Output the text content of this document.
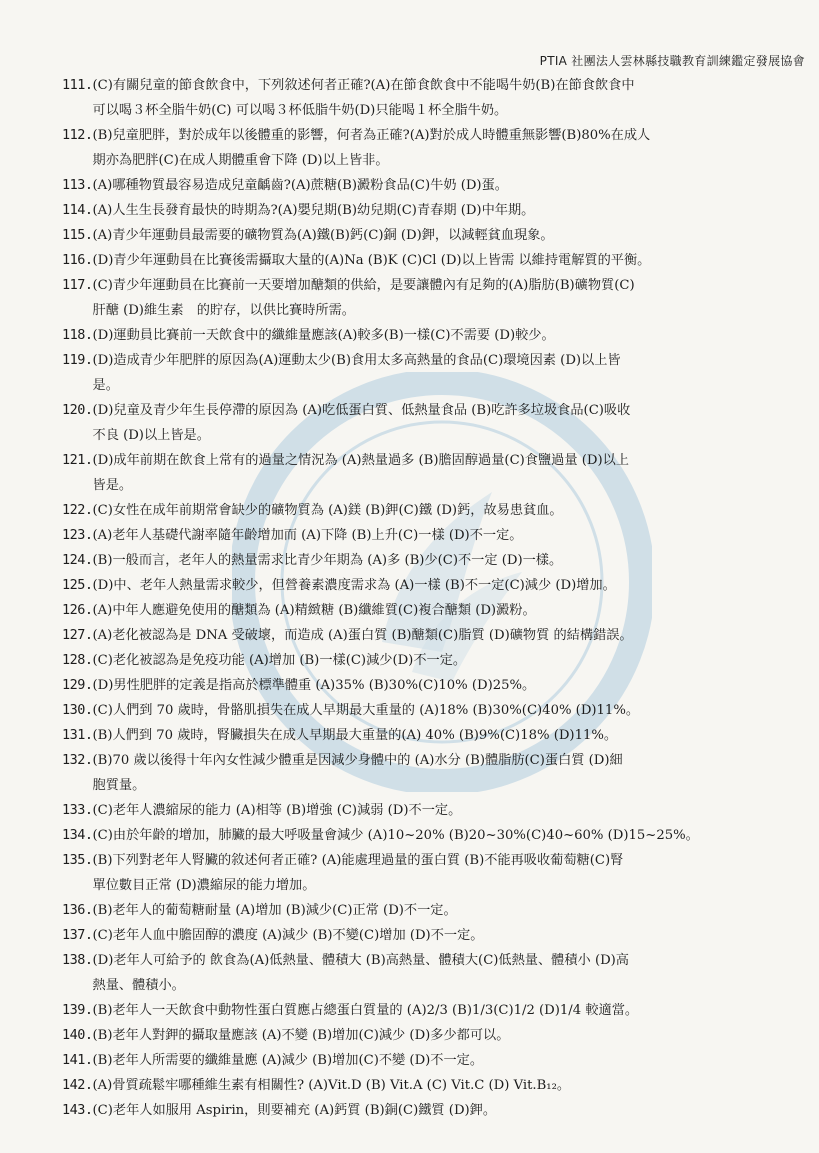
PTIA 社團法人雲林縣技職教育訓練鑑定發展協會
111. (C)有關兒童的節食飲食中，下列敘述何者正確?(A)在節食飲食中不能喝牛奶(B)在節食飲食中
可以喝３杯全脂牛奶(C) 可以喝３杯低脂牛奶(D)只能喝１杯全脂牛奶。
112. (B)兒童肥胖，對於成年以後體重的影響，何者為正確?(A)對於成人時體重無影響(B)80%在成人
期亦為肥胖(C)在成人期體重會下降 (D)以上皆非。
113. (A)哪種物質最容易造成兒童齲齒?(A)蔗糖(B)澱粉食品(C)牛奶 (D)蛋。
114. (A)人生生長發育最快的時期為?(A)嬰兒期(B)幼兒期(C)青春期 (D)中年期。
115. (A)青少年運動員最需要的礦物質為(A)鐵(B)鈣(C)銅 (D)鉀，以減輕貧血現象。
116. (D)青少年運動員在比賽後需攝取大量的(A)Na (B)K (C)Cl (D)以上皆需 以維持電解質的平衡。
117. (C)青少年運動員在比賽前一天要增加醣類的供給，是要讓體內有足夠的(A)脂肪(B)礦物質(C)
肝醣 (D)維生素　的貯存，以供比賽時所需。
118. (D)運動員比賽前一天飲食中的纖維量應該(A)較多(B)一樣(C)不需要 (D)較少。
119. (D)造成青少年肥胖的原因為(A)運動太少(B)食用太多高熱量的食品(C)環境因素 (D)以上皆
是。
120. (D)兒童及青少年生長停滯的原因為 (A)吃低蛋白質、低熱量食品 (B)吃許多垃圾食品(C)吸收
不良 (D)以上皆是。
121. (D)成年前期在飲食上常有的過量之情況為 (A)熱量過多 (B)膽固醇過量(C)食鹽過量 (D)以上
皆是。
122. (C)女性在成年前期常會缺少的礦物質為 (A)鎂 (B)鉀(C)鐵 (D)鈣，故易患貧血。
123. (A)老年人基礎代謝率隨年齡增加而 (A)下降 (B)上升(C)一樣 (D)不一定。
124. (B)一般而言，老年人的熱量需求比青少年期為 (A)多 (B)少(C)不一定 (D)一樣。
125. (D)中、老年人熱量需求較少，但營養素濃度需求為 (A)一樣 (B)不一定(C)減少 (D)增加。
126. (A)中年人應避免使用的醣類為 (A)精緻糖 (B)纖維質(C)複合醣類 (D)澱粉。
127. (A)老化被認為是 DNA 受破壞，而造成 (A)蛋白質 (B)醣類(C)脂質 (D)礦物質 的結構錯誤。
128. (C)老化被認為是免疫功能 (A)增加 (B)一樣(C)減少(D)不一定。
129. (D)男性肥胖的定義是指高於標準體重 (A)35% (B)30%(C)10% (D)25%。
130. (C)人們到 70 歲時，骨骼肌損失在成人早期最大重量的 (A)18% (B)30%(C)40% (D)11%。
131. (B)人們到 70 歲時，腎臟損失在成人早期最大重量的(A) 40% (B)9%(C)18% (D)11%。
132. (B)70 歲以後得十年內女性減少體重是因減少身體中的 (A)水分 (B)體脂肪(C)蛋白質 (D)細
胞質量。
133. (C)老年人濃縮尿的能力 (A)相等 (B)增強 (C)減弱 (D)不一定。
134. (C)由於年齡的增加，肺臟的最大呼吸量會減少 (A)10~20% (B)20~30%(C)40~60% (D)15~25%。
135. (B)下列對老年人腎臟的敘述何者正確? (A)能處理過量的蛋白質 (B)不能再吸收葡萄糖(C)腎
單位數目正常 (D)濃縮尿的能力增加。
136. (B)老年人的葡萄糖耐量 (A)增加 (B)減少(C)正常 (D)不一定。
137. (C)老年人血中膽固醇的濃度 (A)減少 (B)不變(C)增加 (D)不一定。
138. (D)老年人可給予的 飲食為(A)低熱量、體積大 (B)高熱量、體積大(C)低熱量、體積小 (D)高
熱量、體積小。
139. (B)老年人一天飲食中動物性蛋白質應占總蛋白質量的 (A)2/3 (B)1/3(C)1/2 (D)1/4 較適當。
140. (B)老年人對鉀的攝取量應該 (A)不變 (B)增加(C)減少 (D)多少都可以。
141. (B)老年人所需要的纖維量應 (A)減少 (B)增加(C)不變 (D)不一定。
142. (A)骨質疏鬆牢哪種維生素有相關性? (A)Vit.D (B) Vit.A (C) Vit.C (D) Vit.B₁₂。
143. (C)老年人如服用 Aspirin，則要補充 (A)鈣質 (B)銅(C)鐵質 (D)鉀。
